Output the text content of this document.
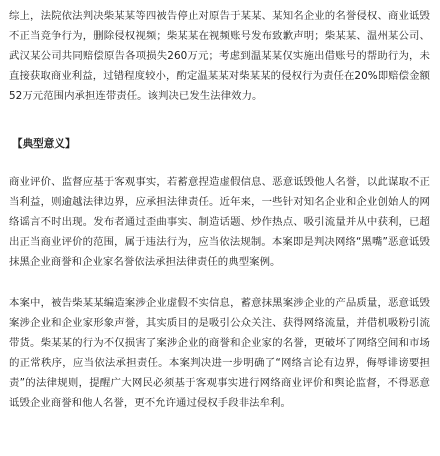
综上，法院依法判决柴某某等四被告停止对原告于某某、某知名企业的名誉侵权、商业诋毁不正当竞争行为，删除侵权视频；柴某某在视频账号发布致歉声明；柴某某、温州某公司、武汉某公司共同赔偿原告各项损失260万元；考虑到温某某仅实施出借账号的帮助行为，未直接获取商业利益，过错程度较小，酌定温某某对柴某某的侵权行为责任在20%即赔偿金额52万元范围内承担连带责任。该判决已发生法律效力。

【典型意义】

商业评价、监督应基于客观事实，若蓄意捏造虚假信息、恶意诋毁他人名誉，以此谋取不正当利益，则逾越法律边界，应承担法律责任。近年来，一些针对知名企业和企业创始人的网络谣言不时出现。发布者通过歪曲事实、制造话题、炒作热点、吸引流量并从中获利，已超出正当商业评价的范围，属于违法行为，应当依法规制。本案即是判决网络“黑嘴”恶意诋毁抹黑企业商誉和企业家名誉依法承担法律责任的典型案例。

本案中，被告柴某某编造案涉企业虚假不实信息，蓄意抹黑案涉企业的产品质量，恶意诋毁案涉企业和企业家形象声誉，其实质目的是吸引公众关注、获得网络流量，并借机吸粉引流带货。柴某某的行为不仅损害了案涉企业的商誉和企业家的名誉，更破坏了网络空间和市场的正常秩序，应当依法承担责任。本案判决进一步明确了“网络言论有边界，侮辱诽谤要担责”的法律规则，提醒广大网民必须基于客观事实进行网络商业评价和舆论监督，不得恶意诋毁企业商誉和他人名誉，更不允许通过侵权手段非法牟利。
